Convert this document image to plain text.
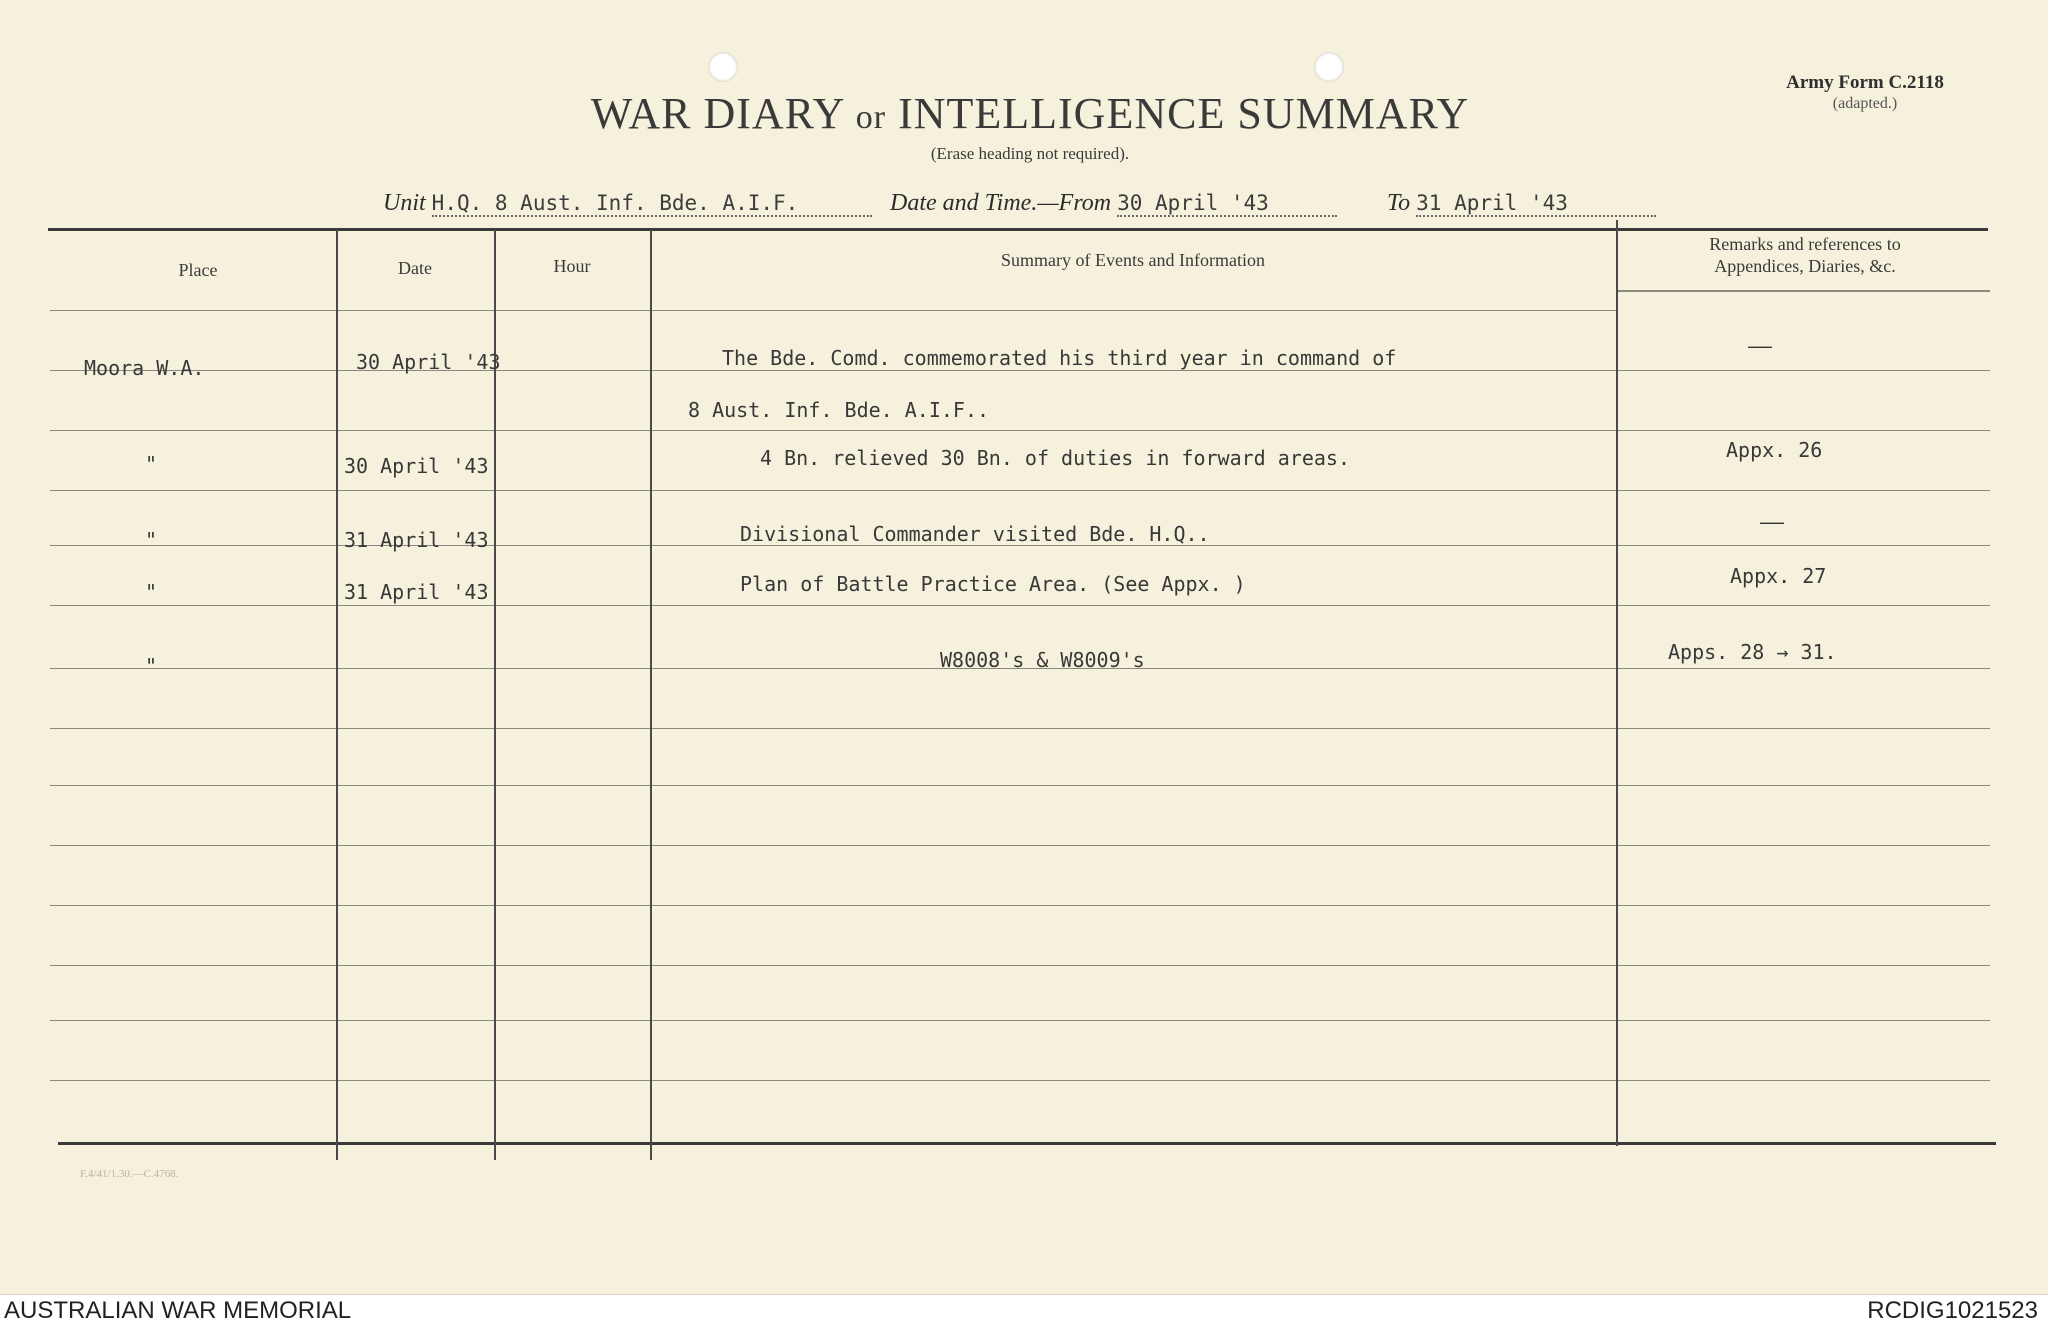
WAR DIARY or INTELLIGENCE SUMMARY
(Erase heading not required).
Army Form C.2118
(adapted.)
Unit H.Q. 8 Aust. Inf. Bde. A.I.F.	Date and Time.—From 30 April '43	To 31 April '43
Place	Date	Hour	Summary of Events and Information
Remarks and references to
Appendices, Diaries, &c.
Moora W.A.	30 April '43	The Bde. Comd. commemorated his third year in command of	——
8 Aust. Inf. Bde. A.I.F..
"	30 April '43	4 Bn. relieved 30 Bn. of duties in forward areas.	Appx. 26
"	31 April '43	Divisional Commander visited Bde. H.Q..	——
"	31 April '43	Plan of Battle Practice Area. (See Appx. )	Appx. 27
"	W8008's & W8009's	Apps. 28 → 31.
F.4/41/1.30.—C.4768.
AUSTRALIAN WAR MEMORIAL	RCDIG1021523
